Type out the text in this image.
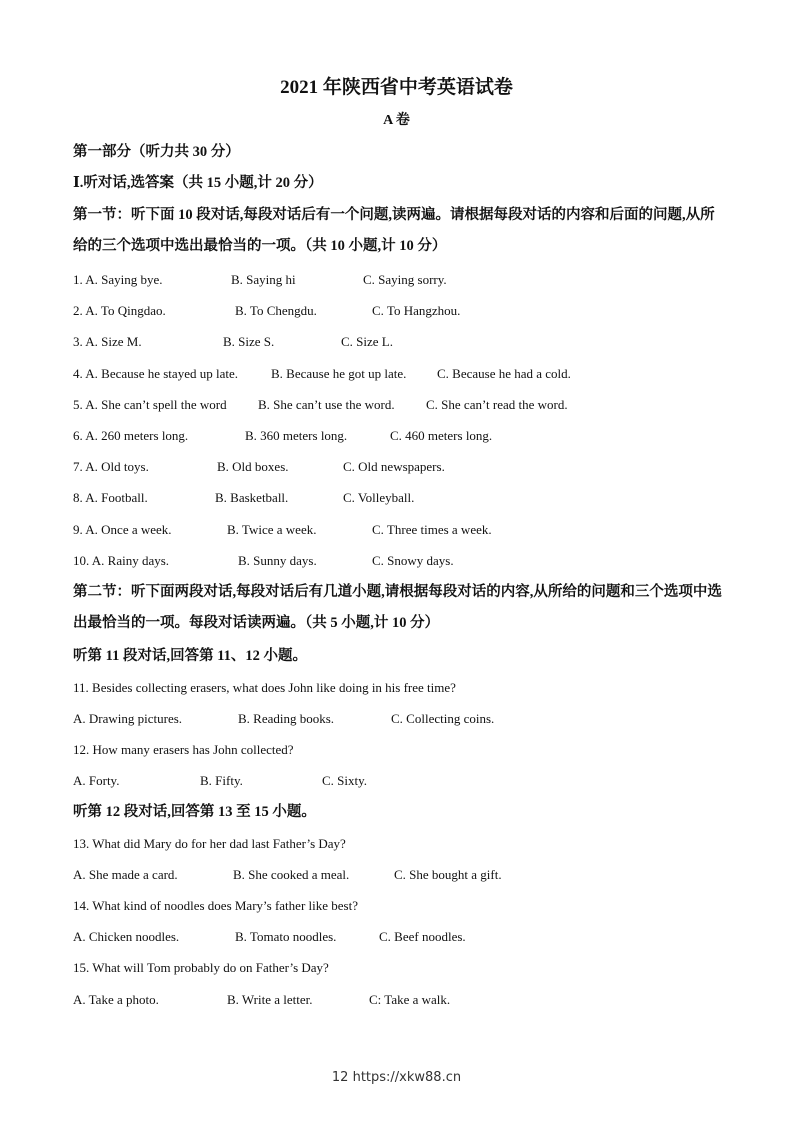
2021 年陕西省中考英语试卷
A 卷
第一部分（听力共 30 分）
Ⅰ.听对话,选答案（共 15 小题,计 20 分）
第一节：听下面 10 段对话,每段对话后有一个问题,读两遍。请根据每段对话的内容和后面的问题,从所给的三个选项中选出最恰当的一项。（共 10 小题,计 10 分）
1. A. Saying bye.	B. Saying hi	C. Saying sorry.
2. A. To Qingdao.	B. To Chengdu.	C. To Hangzhou.
3. A. Size M.	B. Size S.	C. Size L.
4. A. Because he stayed up late.	B. Because he got up late. C. Because he had a cold.
5. A. She can’t spell the word B. She can’t use the word. C. She can’t read the word.
6. A. 260 meters long.	B. 360 meters long.	C. 460 meters long.
7. A. Old toys.	B. Old boxes.	C. Old newspapers.
8. A. Football.	B. Basketball.	C. Volleyball.
9. A. Once a week.	B. Twice a week.	C. Three times a week.
10. A. Rainy days.	B. Sunny days.	C. Snowy days.
第二节：听下面两段对话,每段对话后有几道小题,请根据每段对话的内容,从所给的问题和三个选项中选出最恰当的一项。每段对话读两遍。（共 5 小题,计 10 分）
听第 11 段对话,回答第 11、12 小题。
11. Besides collecting erasers, what does John like doing in his free time?
A. Drawing pictures.	B. Reading books.	C. Collecting coins.
12. How many erasers has John collected?
A. Forty.	B. Fifty.	C. Sixty.
听第 12 段对话,回答第 13 至 15 小题。
13. What did Mary do for her dad last Father’s Day?
A. She made a card.	B. She cooked a meal.	C. She bought a gift.
14. What kind of noodles does Mary’s father like best?
A. Chicken noodles.	B. Tomato noodles.	C. Beef noodles.
15. What will Tom probably do on Father’s Day?
A. Take a photo.	B. Write a letter.	C: Take a walk.
12 https://xkw88.cn
